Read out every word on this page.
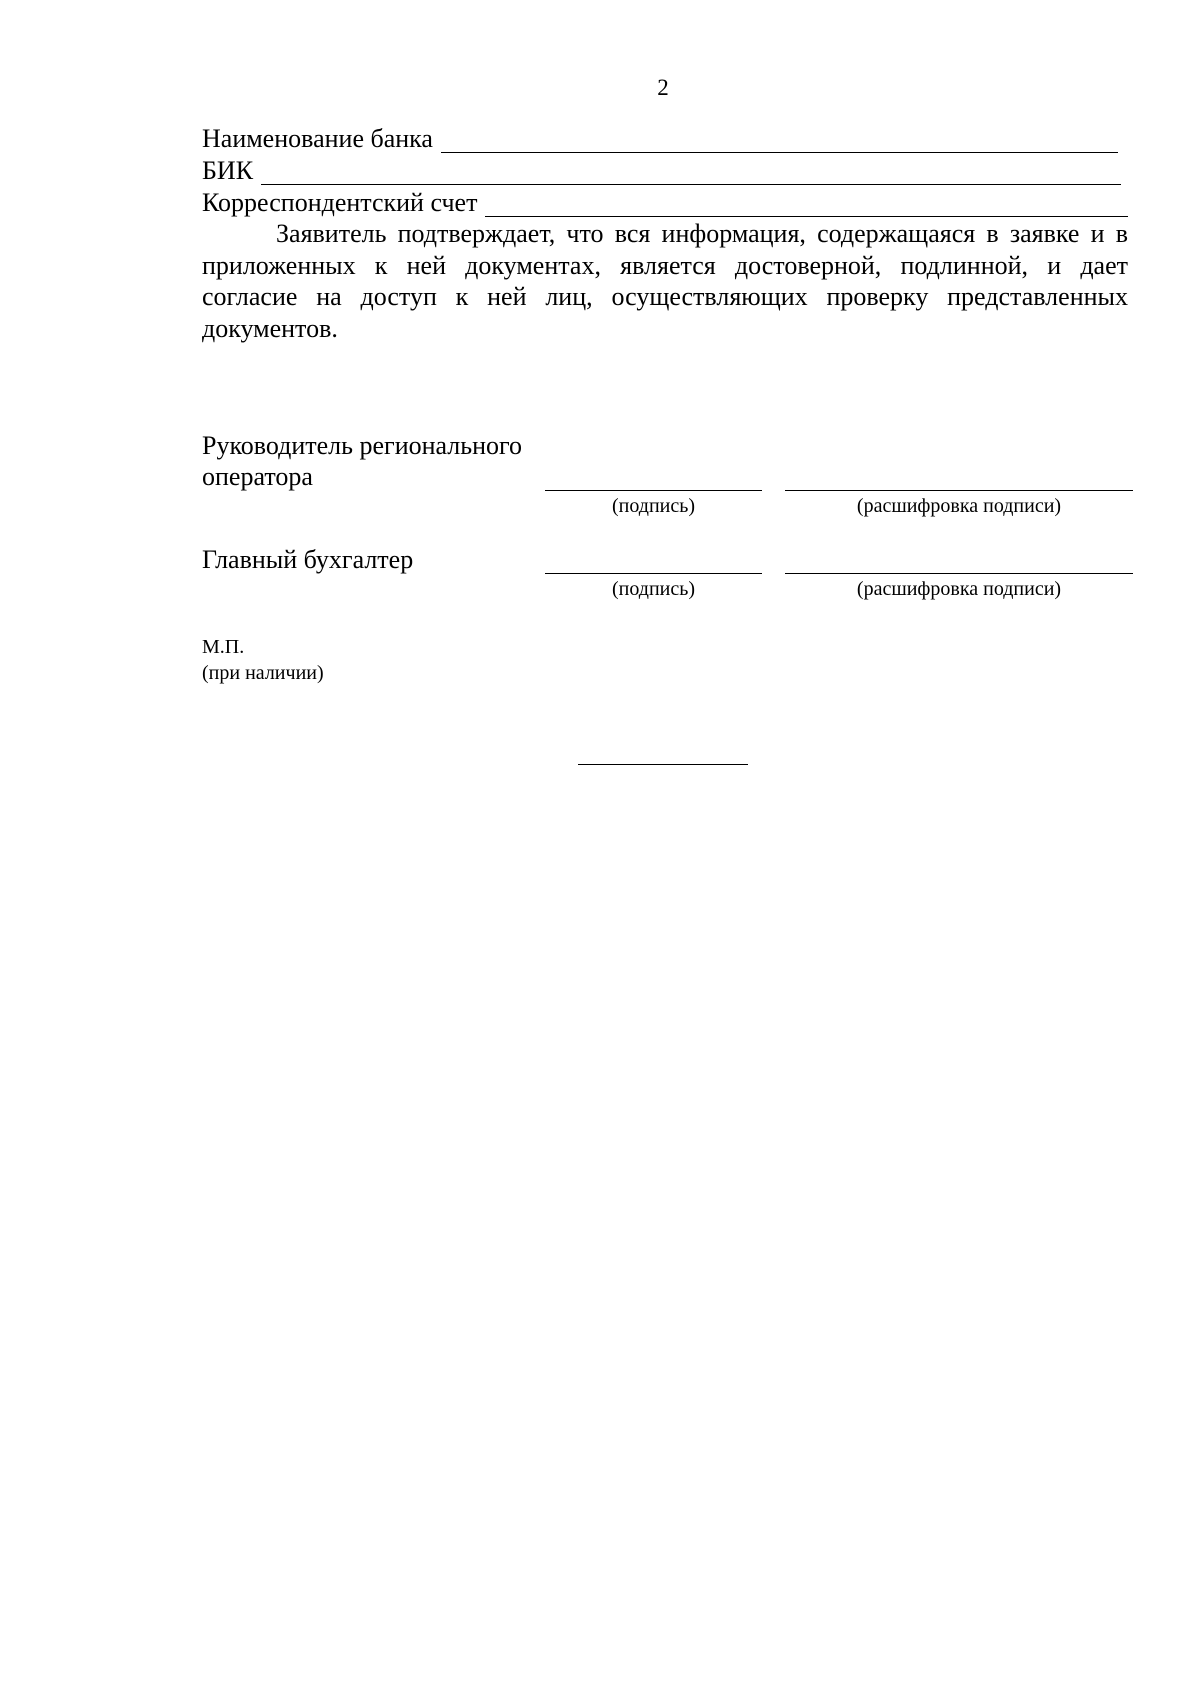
2
Наименование банка
БИК
Корреспондентский счет

Заявитель подтверждает, что вся информация, содержащаяся в заявке и в приложенных к ней документах, является достоверной, подлинной, и дает согласие на доступ к ней лиц, осуществляющих проверку представленных документов.

Руководитель регионального
оператора
(подпись)	(расшифровка подписи)
Главный бухгалтер
(подпись)	(расшифровка подписи)
М.П.
(при наличии)
